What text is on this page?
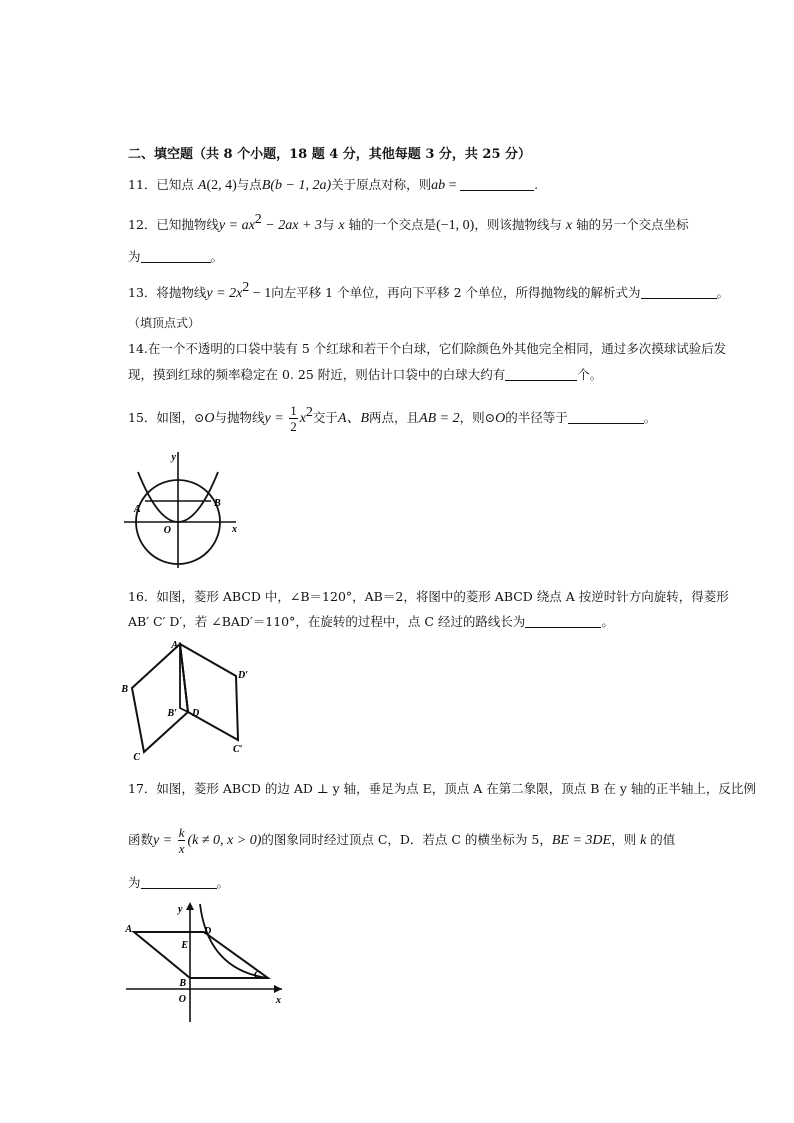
二、填空题（共 8 个小题，18 题 4 分，其他每题 3 分，共 25 分）
11．已知点 A(2, 4)与点B(b − 1, 2a)关于原点对称，则ab =	.
12．已知抛物线$y = ax^2 - 2ax + 3$与 x 轴的一个交点是(−1, 0)，则该抛物线与 x 轴的另一个交点坐标
为	。
13．将抛物线$y = 2x^2 - 1$向左平移 1 个单位，再向下平移 2 个单位，所得抛物线的解析式为	。
（填顶点式）
14.在一个不透明的口袋中装有 5 个红球和若干个白球，它们除颜色外其他完全相同，通过多次摸球试验后发
现，摸到红球的频率稳定在 0. 25 附近，则估计口袋中的白球大约有	个。
15．如图，⊙O与抛物线$y = \frac{1}{2} x^2$交于A、B两点，且AB = 2，则⊙O的半径等于	。
y
x
A
B
O
16．如图，菱形 ABCD 中，∠B＝120°，AB＝2，将图中的菱形 ABCD 绕点 A 按逆时针方向旋转，得菱形
AB′ C′ D′，若 ∠BAD′＝110°，在旋转的过程中，点 C 经过的路线长为	。
A
B
C
D
B′
C′
D′
17．如图，菱形 ABCD 的边 AD ⊥ y 轴，垂足为点 E，顶点 A 在第二象限，顶点 B 在 y 轴的正半轴上，反比例
函数$y = \frac{k}{x} (k \ne 0$, x > 0)的图象同时经过顶点 C，D．若点 C 的横坐标为 5，BE = 3DE，则 k 的值
为	。
A
B
C
D
E
O
y
x
